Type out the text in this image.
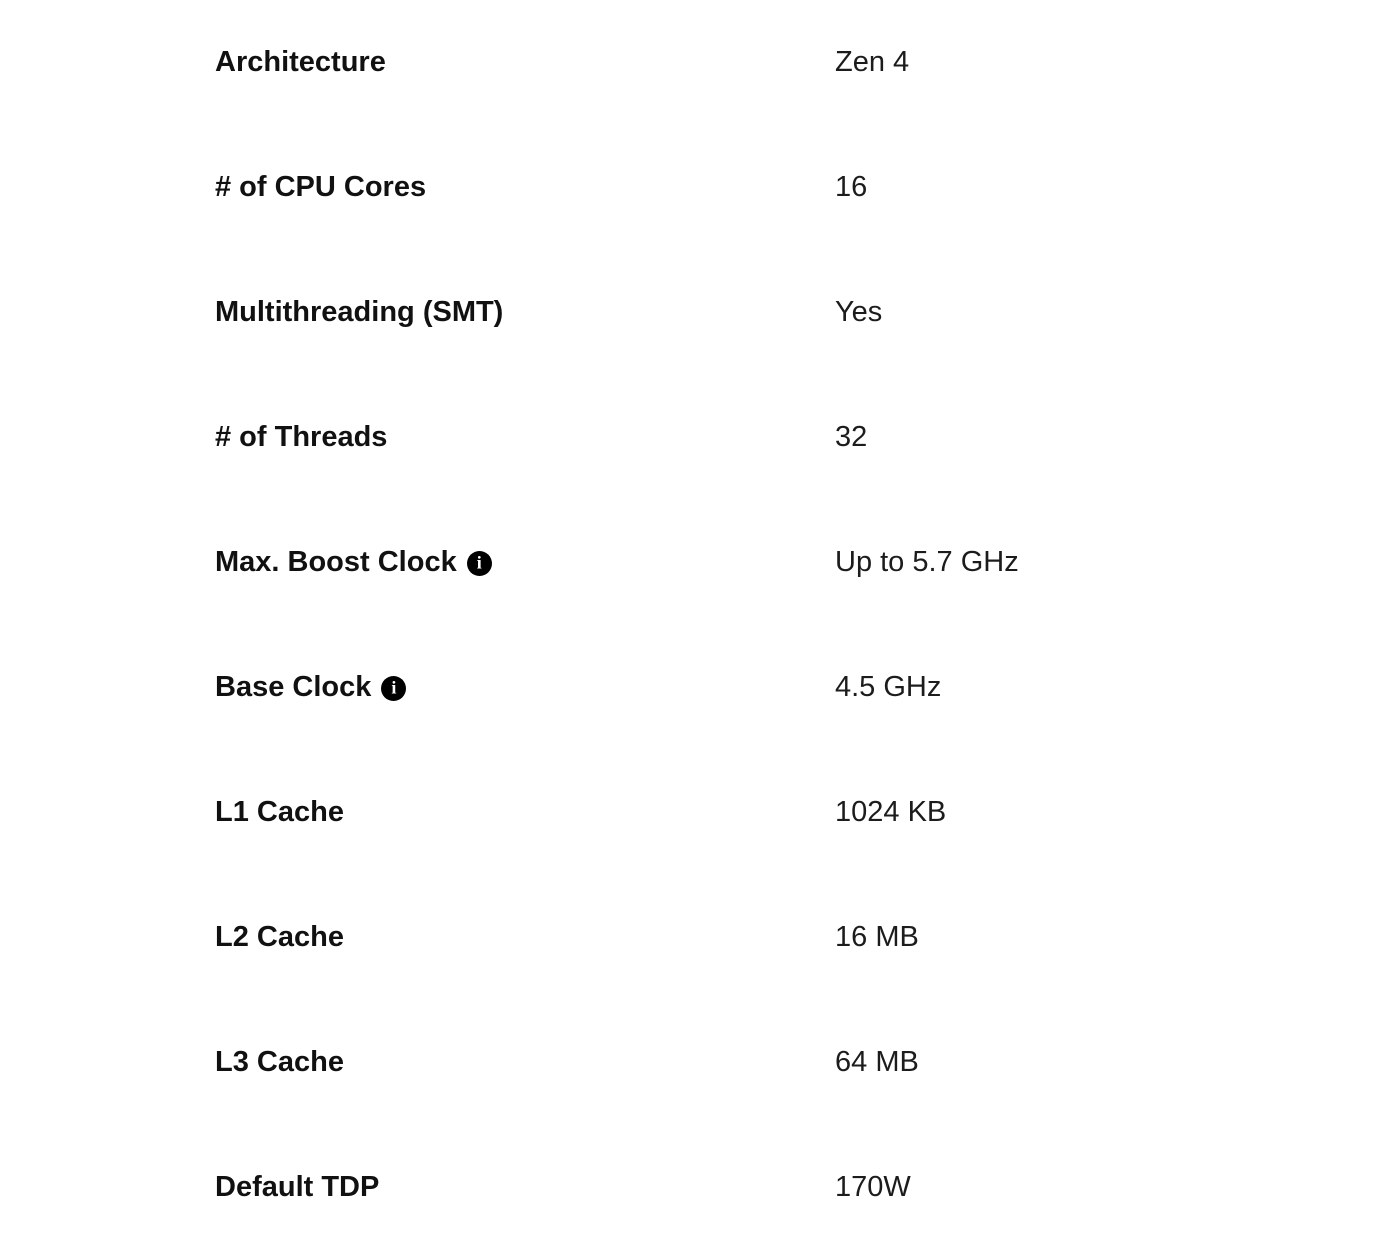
Architecture	Zen 4
# of CPU Cores	16
Multithreading (SMT)	Yes
# of Threads	32
Max. Boost Clock i	Up to 5.7 GHz
Base Clock i	4.5 GHz
L1 Cache	1024 KB
L2 Cache	16 MB
L3 Cache	64 MB
Default TDP	170W
